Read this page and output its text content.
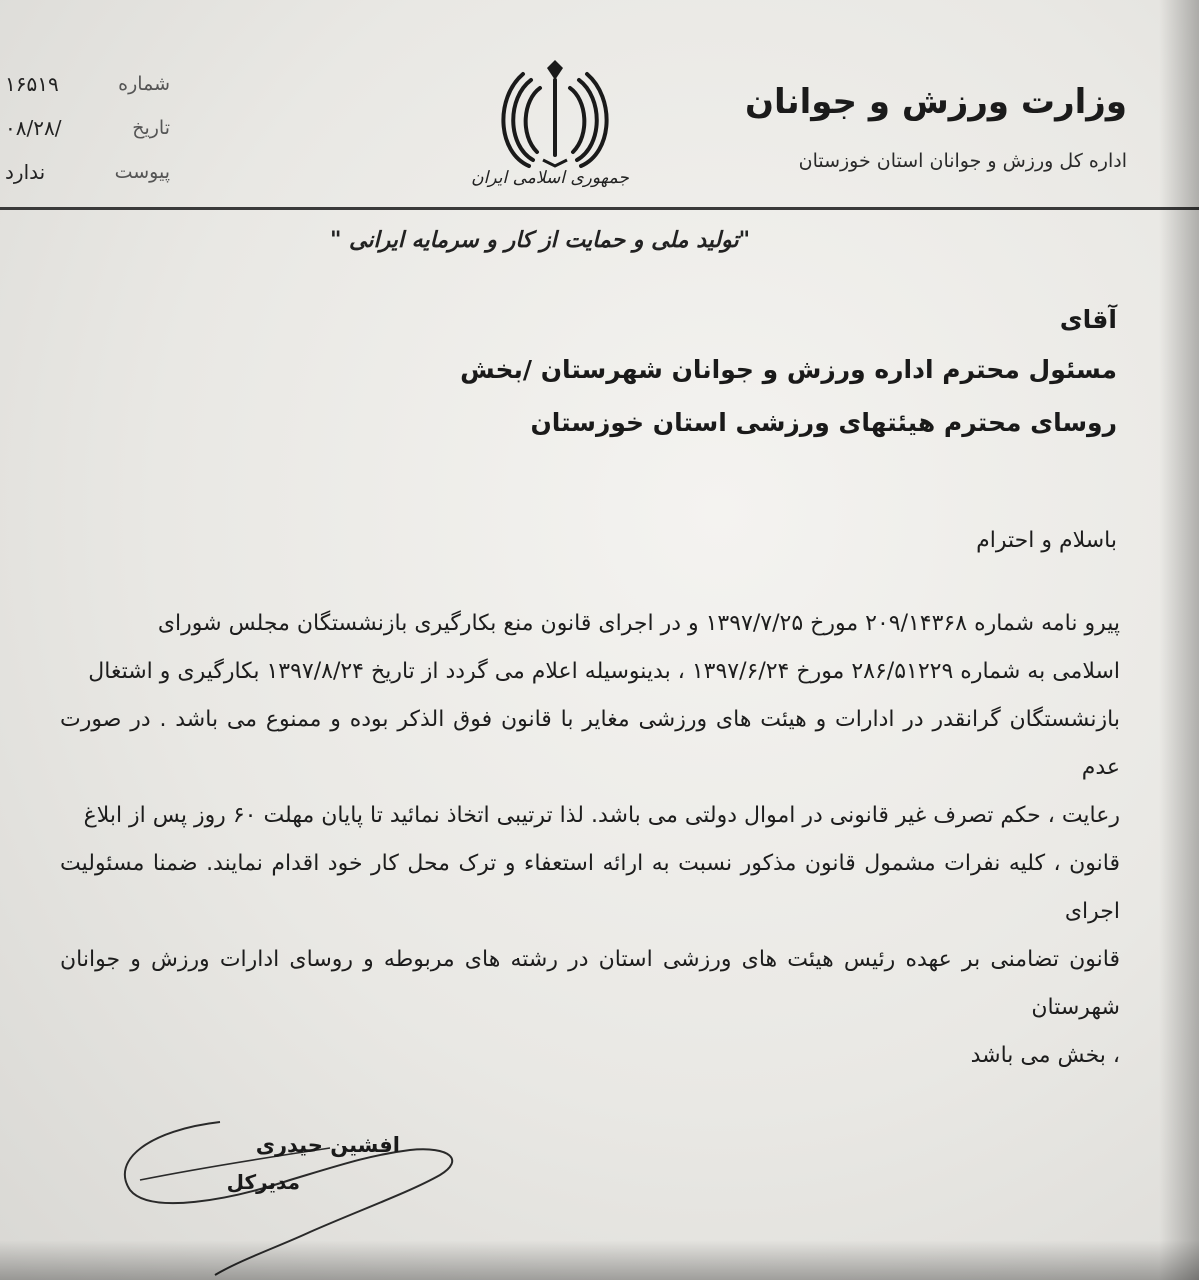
وزارت ورزش و جوانان
اداره کل ورزش و جوانان استان خوزستان
جمهوری اسلامی ایران
شماره
۱۶۵۱۹
تاریخ
۰۸/۲۸/
پیوست
ندارد
"تولید ملی و حمایت از کار و سرمایه ایرانی "
آقای
مسئول محترم اداره ورزش و جوانان شهرستان /بخش
روسای محترم هیئتهای ورزشی استان خوزستان
باسلام و احترام

پیرو نامه شماره ۲۰۹/۱۴۳۶۸ مورخ ۱۳۹۷/۷/۲۵ و در اجرای قانون منع بکارگیری بازنشستگان مجلس شورای

اسلامی به شماره ۲۸۶/۵۱۲۲۹ مورخ ۱۳۹۷/۶/۲۴ ، بدینوسیله اعلام می گردد از تاریخ ۱۳۹۷/۸/۲۴ بکارگیری و اشتغال

بازنشستگان گرانقدر در ادارات و هیئت های ورزشی مغایر با قانون فوق الذکر بوده و ممنوع می باشد . در صورت عدم

رعایت ، حکم تصرف غیر قانونی در اموال دولتی می باشد. لذا ترتیبی اتخاذ نمائید تا پایان مهلت ۶۰ روز پس از ابلاغ

قانون ، کلیه نفرات مشمول قانون مذکور نسبت به ارائه استعفاء و ترک محل کار خود اقدام نمایند. ضمنا مسئولیت اجرای

قانون تضامنی بر عهده رئیس هیئت های ورزشی استان در رشته های مربوطه و روسای ادارات ورزش و جوانان شهرستان

، بخش می باشد

افشین حیدری
مدیرکل
